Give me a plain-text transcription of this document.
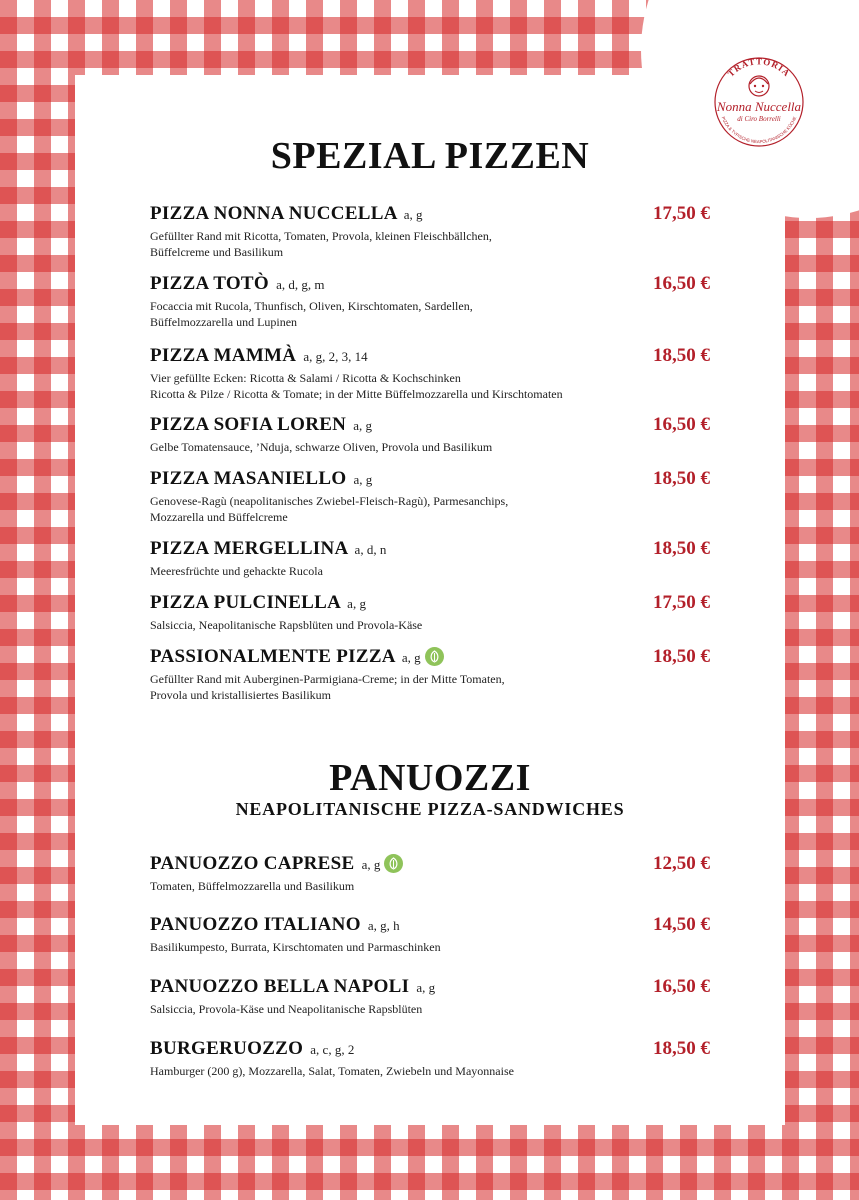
TRATTORIA
Nonna Nuccella
di Ciro Borrelli
PIZZA & TYPISCHE NEAPOLITANISCHE KÜCHE
SPEZIAL PIZZEN
PANUOZZI
NEAPOLITANISCHE PIZZA-SANDWICHES
PIZZA NONNA NUCCELLA a, g
Gefüllter Rand mit Ricotta, Tomaten, Provola, kleinen Fleischbällchen,
Büffelcreme und Basilikum
17,50 €
PIZZA TOTÒ a, d, g, m
Focaccia mit Rucola, Thunfisch, Oliven, Kirschtomaten, Sardellen,
Büffelmozzarella und Lupinen
16,50 €
PIZZA MAMMÀ a, g, 2, 3, 14
Vier gefüllte Ecken: Ricotta & Salami / Ricotta & Kochschinken
Ricotta & Pilze / Ricotta & Tomate; in der Mitte Büffelmozzarella und Kirschtomaten
18,50 €
PIZZA SOFIA LOREN a, g
Gelbe Tomatensauce, ’Nduja, schwarze Oliven, Provola und Basilikum
16,50 €
PIZZA MASANIELLO a, g
Genovese-Ragù (neapolitanisches Zwiebel-Fleisch-Ragù), Parmesanchips,
Mozzarella und Büffelcreme
18,50 €
PIZZA MERGELLINA a, d, n
Meeresfrüchte und gehackte Rucola
18,50 €
PIZZA PULCINELLA a, g
Salsiccia, Neapolitanische Rapsblüten und Provola-Käse
17,50 €
PASSIONALMENTE PIZZA a, g
Gefüllter Rand mit Auberginen-Parmigiana-Creme; in der Mitte Tomaten,
Provola und kristallisiertes Basilikum
18,50 €
PANUOZZO CAPRESE a, g
Tomaten, Büffelmozzarella und Basilikum
12,50 €
PANUOZZO ITALIANO a, g, h
Basilikumpesto, Burrata, Kirschtomaten und Parmaschinken
14,50 €
PANUOZZO BELLA NAPOLI a, g
Salsiccia, Provola-Käse und Neapolitanische Rapsblüten
16,50 €
BURGERUOZZO a, c, g, 2
Hamburger (200 g), Mozzarella, Salat, Tomaten, Zwiebeln und Mayonnaise
18,50 €
